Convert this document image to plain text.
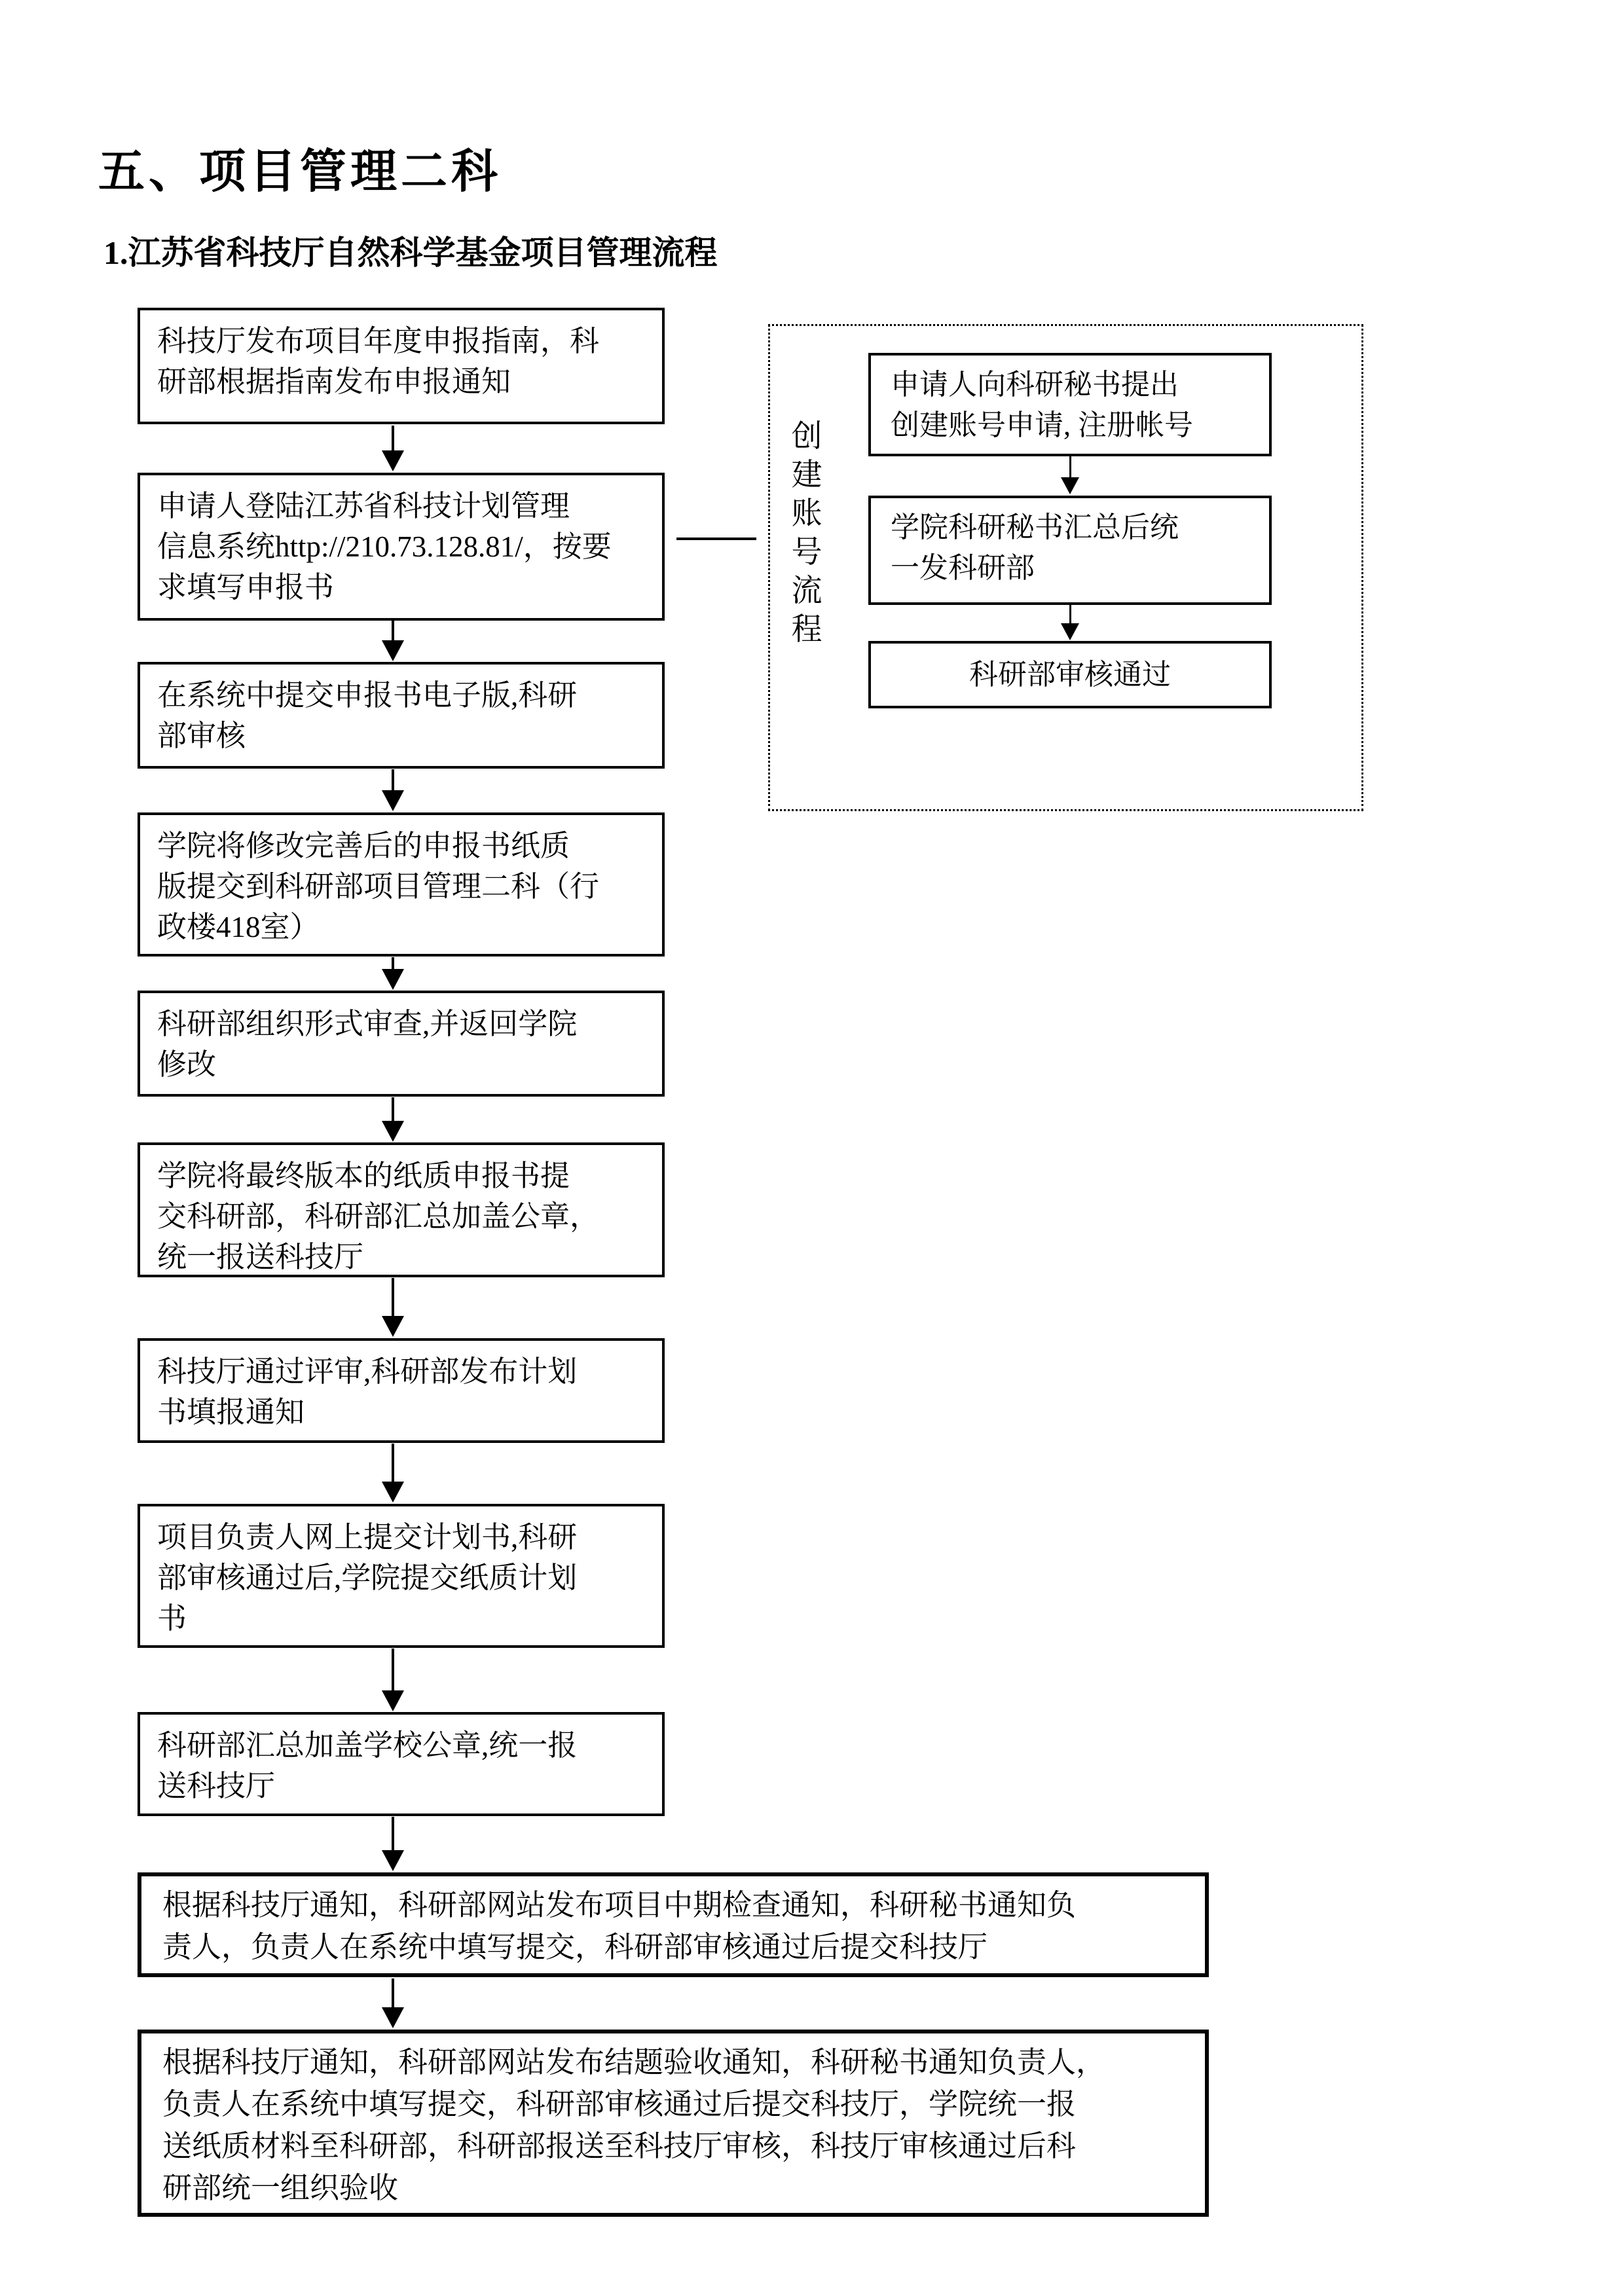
五、项目管理二科
1.江苏省科技厅自然科学基金项目管理流程
科技厅发布项目年度申报指南，科
研部根据指南发布申报通知
申请人登陆江苏省科技计划管理
信息系统http://210.73.128.81/，按要
求填写申报书
在系统中提交申报书电子版,科研
部审核
学院将修改完善后的申报书纸质
版提交到科研部项目管理二科（行
政楼418室）
科研部组织形式审查,并返回学院
修改
学院将最终版本的纸质申报书提
交科研部，科研部汇总加盖公章，
统一报送科技厅
科技厅通过评审,科研部发布计划
书填报通知
项目负责人网上提交计划书,科研
部审核通过后,学院提交纸质计划
书
科研部汇总加盖学校公章,统一报
送科技厅
根据科技厅通知，科研部网站发布项目中期检查通知，科研秘书通知负
责人，负责人在系统中填写提交，科研部审核通过后提交科技厅
根据科技厅通知，科研部网站发布结题验收通知，科研秘书通知负责人，
负责人在系统中填写提交，科研部审核通过后提交科技厅，学院统一报
送纸质材料至科研部，科研部报送至科技厅审核，科技厅审核通过后科
研部统一组织验收
创建账号流程
申请人向科研秘书提出
创建账号申请, 注册帐号
学院科研秘书汇总后统
一发科研部
科研部审核通过
